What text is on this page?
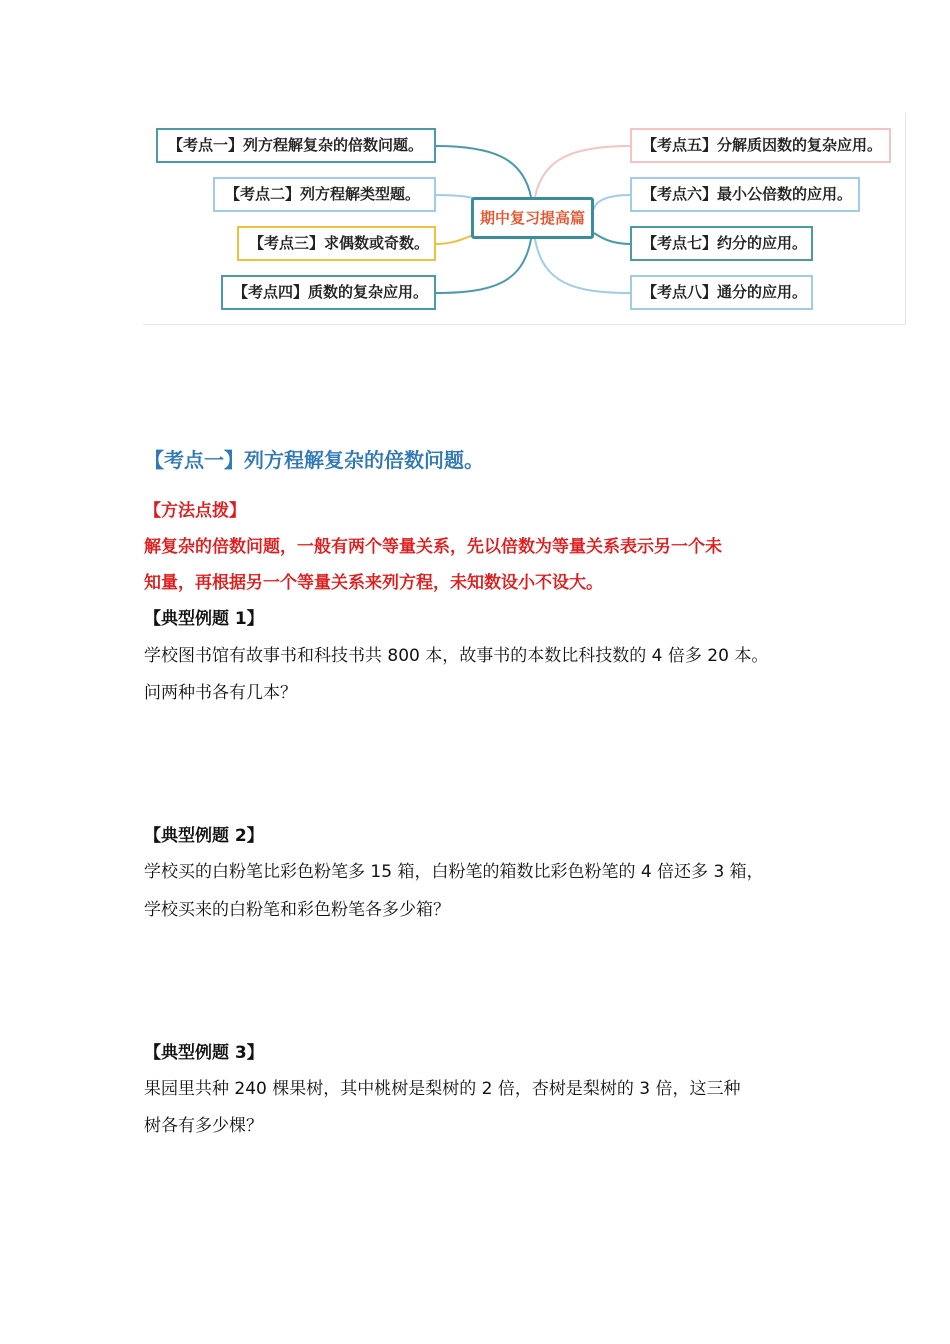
【考点一】列方程解复杂的倍数问题。
【考点二】列方程解类型题。
【考点三】求偶数或奇数。
【考点四】质数的复杂应用。
期中复习提高篇
【考点五】分解质因数的复杂应用。
【考点六】最小公倍数的应用。
【考点七】约分的应用。
【考点八】通分的应用。
【考点一】列方程解复杂的倍数问题。
【方法点拨】
解复杂的倍数问题，一般有两个等量关系，先以倍数为等量关系表示另一个未
知量，再根据另一个等量关系来列方程，未知数设小不设大。
【典型例题 1】
学校图书馆有故事书和科技书共 800 本，故事书的本数比科技数的 4 倍多 20 本。
问两种书各有几本？
【典型例题 2】
学校买的白粉笔比彩色粉笔多 15 箱，白粉笔的箱数比彩色粉笔的 4 倍还多 3 箱，
学校买来的白粉笔和彩色粉笔各多少箱？
【典型例题 3】
果园里共种 240 棵果树，其中桃树是梨树的 2 倍，杏树是梨树的 3 倍，这三种
树各有多少棵？
